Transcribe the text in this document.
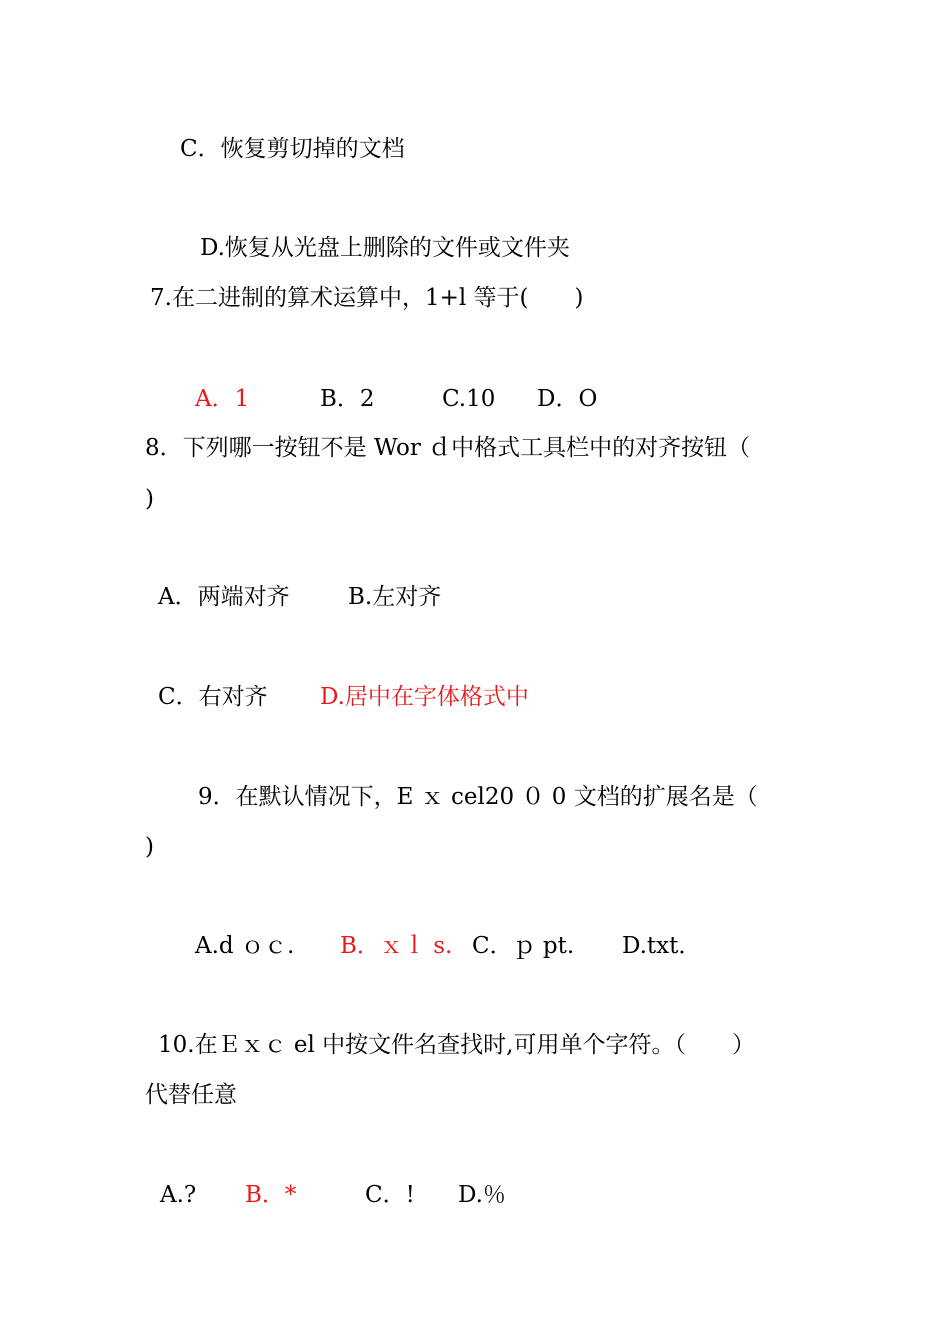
C．恢复剪切掉的文档
D.恢复从光盘上删除的文件或文件夹
7.在二进制的算术运算中，1+l 等于(　　)
A．1	B．2	C.10 D．O
8．下列哪一按钮不是 Wor ｄ中格式工具栏中的对齐按钮（
)
A．两端对齐	B.左对齐
C．右对齐 D.居中在字体格式中
9．在默认情况下，E ｘ cel20 ０ 0 文档的扩展名是（
)
A.d ｏｃ. B．ｘｌ s. C．ｐ pt. D.txt．
10.在Ｅｘｃ el 中按文件名查找时,可用单个字符。（　　）
代替任意
A.? B．*	C．! D.％
